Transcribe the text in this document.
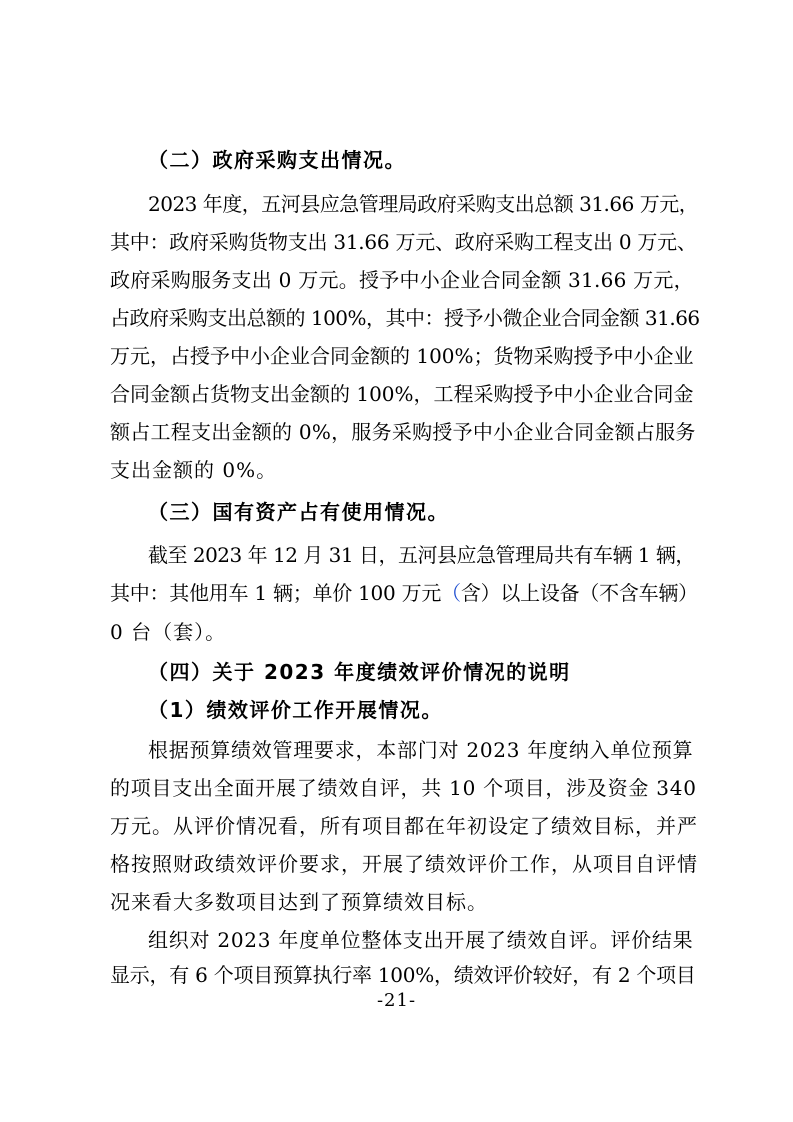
（二）政府采购支出情况。
2023 年度，五河县应急管理局政府采购支出总额 31.66 万元，
其中：政府采购货物支出 31.66 万元、政府采购工程支出 0 万元、
政府采购服务支出 0 万元。授予中小企业合同金额 31.66 万元，
占政府采购支出总额的 100%，其中：授予小微企业合同金额 31.66
万元，占授予中小企业合同金额的 100%；货物采购授予中小企业
合同金额占货物支出金额的 100%，工程采购授予中小企业合同金
额占工程支出金额的 0%，服务采购授予中小企业合同金额占服务
支出金额的 0%。
（三）国有资产占有使用情况。
截至 2023 年 12 月 31 日，五河县应急管理局共有车辆 1 辆，
其中：其他用车 1 辆；单价 100 万元（含）以上设备（不含车辆）
0 台（套）。
（四）关于 2023 年度绩效评价情况的说明
（1）绩效评价工作开展情况。
根据预算绩效管理要求，本部门对 2023 年度纳入单位预算
的项目支出全面开展了绩效自评，共 10 个项目，涉及资金 340
万元。从评价情况看，所有项目都在年初设定了绩效目标，并严
格按照财政绩效评价要求，开展了绩效评价工作，从项目自评情
况来看大多数项目达到了预算绩效目标。
组织对 2023 年度单位整体支出开展了绩效自评。评价结果
显示，有 6 个项目预算执行率 100%，绩效评价较好，有 2 个项目
-21-
